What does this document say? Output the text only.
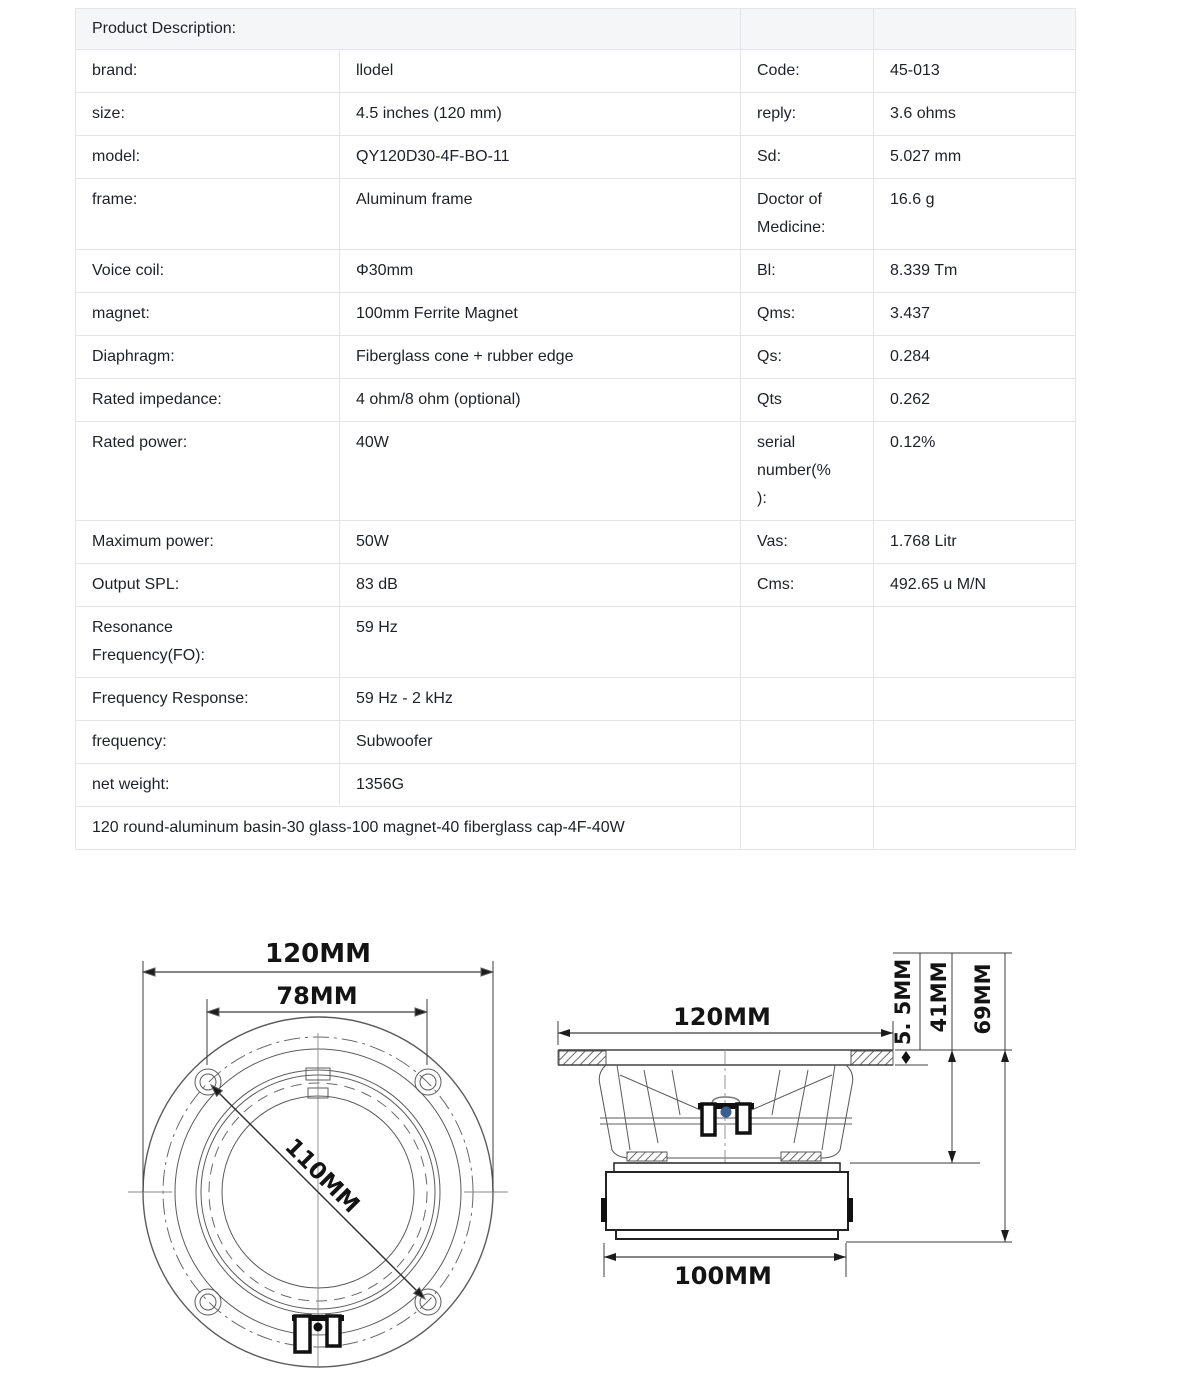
Product Description:			
brand:	llodel	Code:	45-013
size:	4.5 inches (120 mm)	reply:	3.6 ohms
model:	QY120D30-4F-BO-11	Sd:	5.027 mm
frame:	Aluminum frame	Doctor of Medicine:	16.6 g
Voice coil:	Φ30mm	Bl:	8.339 Tm
magnet:	100mm Ferrite Magnet	Qms:	3.437
Diaphragm:	Fiberglass cone + rubber edge	Qs:	0.284
Rated impedance:	4 ohm/8 ohm (optional)	Qts	0.262
Rated power:	40W	serial number(%):	0.12%
Maximum power:	50W	Vas:	1.768 Litr
Output SPL:	83 dB	Cms:	492.65 u M/N
Resonance Frequency(FO):	59 Hz		
Frequency Response:	59 Hz - 2 kHz		
frequency:	Subwoofer		
net weight:	1356G		
120 round-aluminum basin-30 glass-100 magnet-40 fiberglass cap-4F-40W			
120MM
78MM
110MM
120MM
100MM
5. 5MM 41MM 69MM
